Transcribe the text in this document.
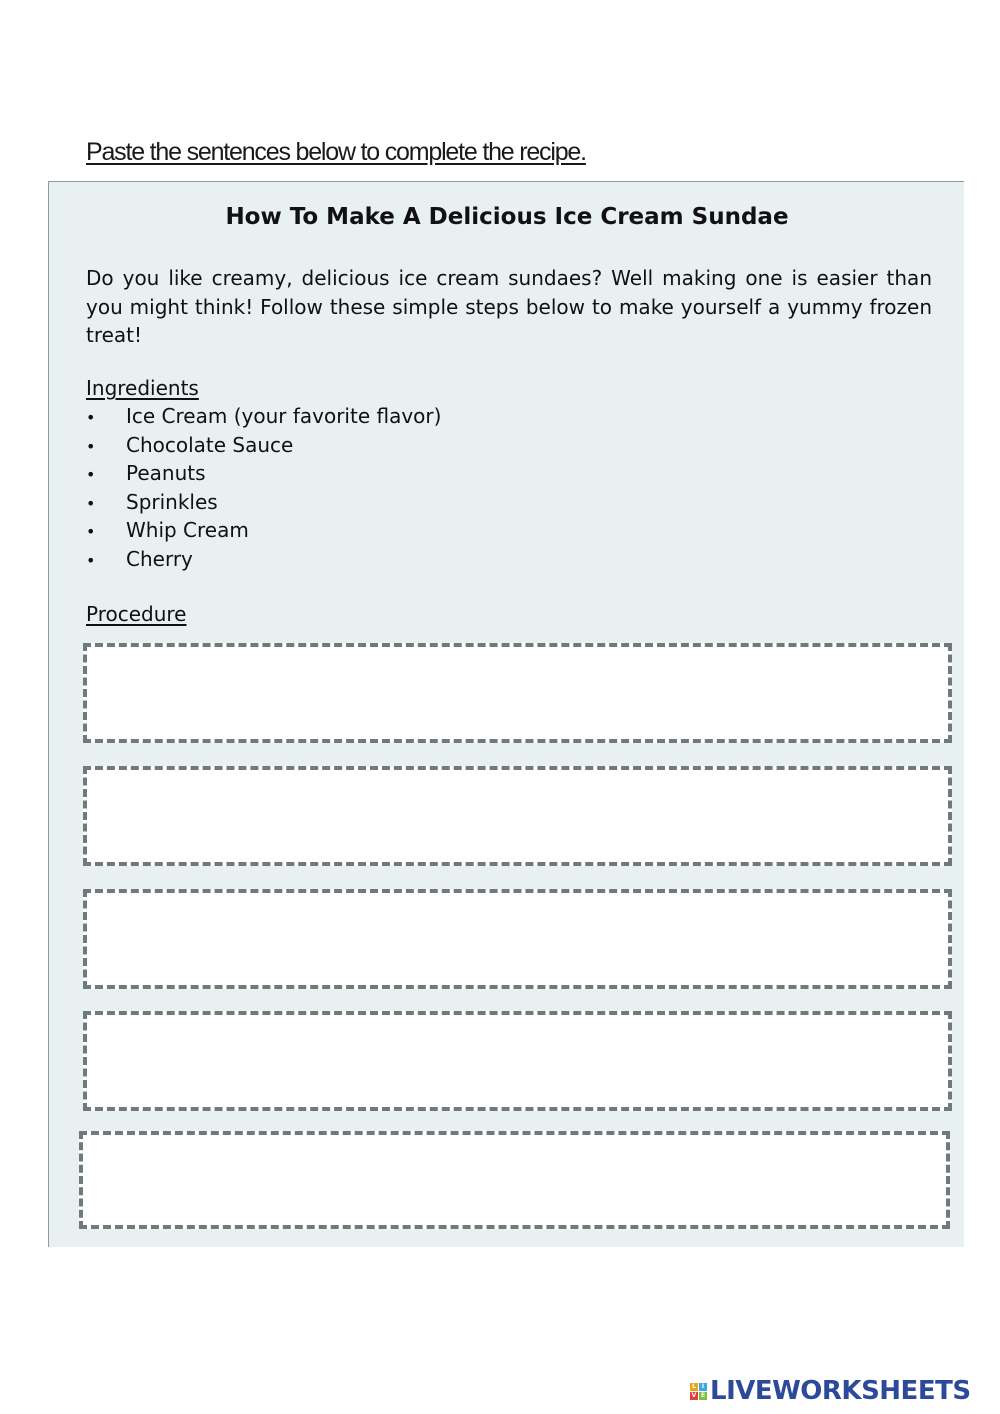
Paste the sentences below to complete the recipe.
How To Make A Delicious Ice Cream Sundae
Do you like creamy, delicious ice cream sundaes? Well making one is easier than you might think! Follow these simple steps below to make yourself a yummy frozen treat!
Ingredients
• Ice Cream (your favorite flavor)
• Chocolate Sauce
• Peanuts
• Sprinkles
• Whip Cream
• Cherry
Procedure
L I
V E LIVEWORKSHEETS
